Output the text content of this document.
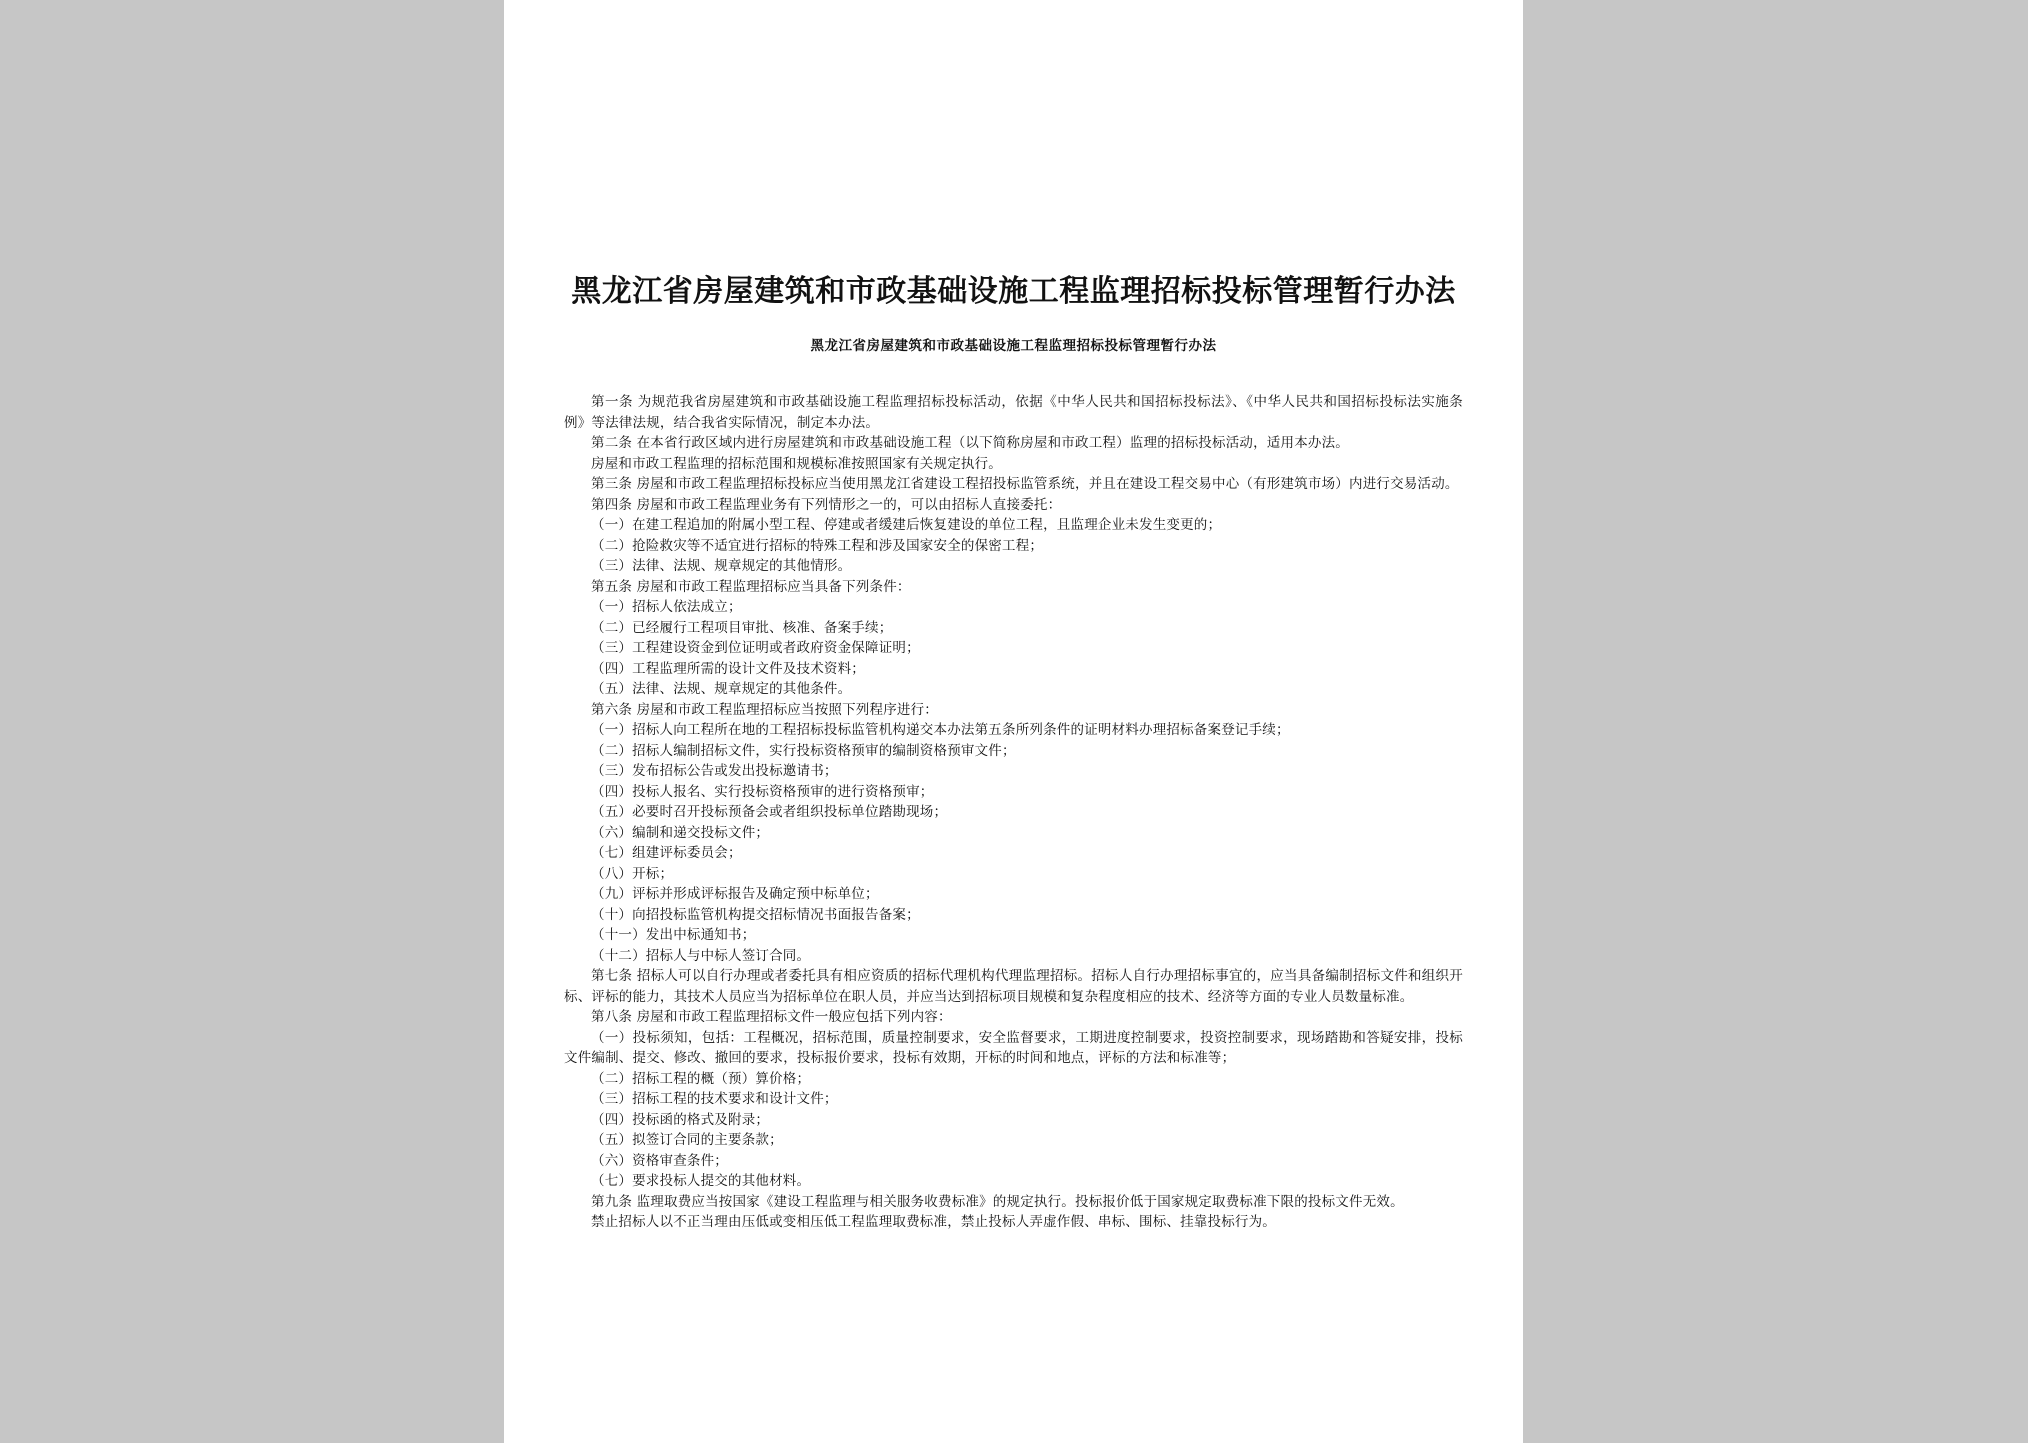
黑龙江省房屋建筑和市政基础设施工程监理招标投标管理暂行办法
黑龙江省房屋建筑和市政基础设施工程监理招标投标管理暂行办法

第一条 为规范我省房屋建筑和市政基础设施工程监理招标投标活动，依据《中华人民共和国招标投标法》、《中华人民共和国招标投标法实施条例》等法律法规，结合我省实际情况，制定本办法。

第二条 在本省行政区域内进行房屋建筑和市政基础设施工程（以下简称房屋和市政工程）监理的招标投标活动，适用本办法。

房屋和市政工程监理的招标范围和规模标准按照国家有关规定执行。

第三条 房屋和市政工程监理招标投标应当使用黑龙江省建设工程招投标监管系统，并且在建设工程交易中心（有形建筑市场）内进行交易活动。

第四条 房屋和市政工程监理业务有下列情形之一的，可以由招标人直接委托：

（一）在建工程追加的附属小型工程、停建或者缓建后恢复建设的单位工程，且监理企业未发生变更的；

（二）抢险救灾等不适宜进行招标的特殊工程和涉及国家安全的保密工程；

（三）法律、法规、规章规定的其他情形。

第五条 房屋和市政工程监理招标应当具备下列条件：

（一）招标人依法成立；

（二）已经履行工程项目审批、核准、备案手续；

（三）工程建设资金到位证明或者政府资金保障证明；

（四）工程监理所需的设计文件及技术资料；

（五）法律、法规、规章规定的其他条件。

第六条 房屋和市政工程监理招标应当按照下列程序进行：

（一）招标人向工程所在地的工程招标投标监管机构递交本办法第五条所列条件的证明材料办理招标备案登记手续；

（二）招标人编制招标文件，实行投标资格预审的编制资格预审文件；

（三）发布招标公告或发出投标邀请书；

（四）投标人报名、实行投标资格预审的进行资格预审；

（五）必要时召开投标预备会或者组织投标单位踏勘现场；

（六）编制和递交投标文件；

（七）组建评标委员会；

（八）开标；

（九）评标并形成评标报告及确定预中标单位；

（十）向招投标监管机构提交招标情况书面报告备案；

（十一）发出中标通知书；

（十二）招标人与中标人签订合同。

第七条 招标人可以自行办理或者委托具有相应资质的招标代理机构代理监理招标。招标人自行办理招标事宜的，应当具备编制招标文件和组织开标、评标的能力，其技术人员应当为招标单位在职人员，并应当达到招标项目规模和复杂程度相应的技术、经济等方面的专业人员数量标准。

第八条 房屋和市政工程监理招标文件一般应包括下列内容：

（一）投标须知，包括：工程概况，招标范围，质量控制要求，安全监督要求，工期进度控制要求，投资控制要求，现场踏勘和答疑安排，投标文件编制、提交、修改、撤回的要求，投标报价要求，投标有效期，开标的时间和地点，评标的方法和标准等；

（二）招标工程的概（预）算价格；

（三）招标工程的技术要求和设计文件；

（四）投标函的格式及附录；

（五）拟签订合同的主要条款；

（六）资格审查条件；

（七）要求投标人提交的其他材料。

第九条 监理取费应当按国家《建设工程监理与相关服务收费标准》的规定执行。投标报价低于国家规定取费标准下限的投标文件无效。

禁止招标人以不正当理由压低或变相压低工程监理取费标准，禁止投标人弄虚作假、串标、围标、挂靠投标行为。
